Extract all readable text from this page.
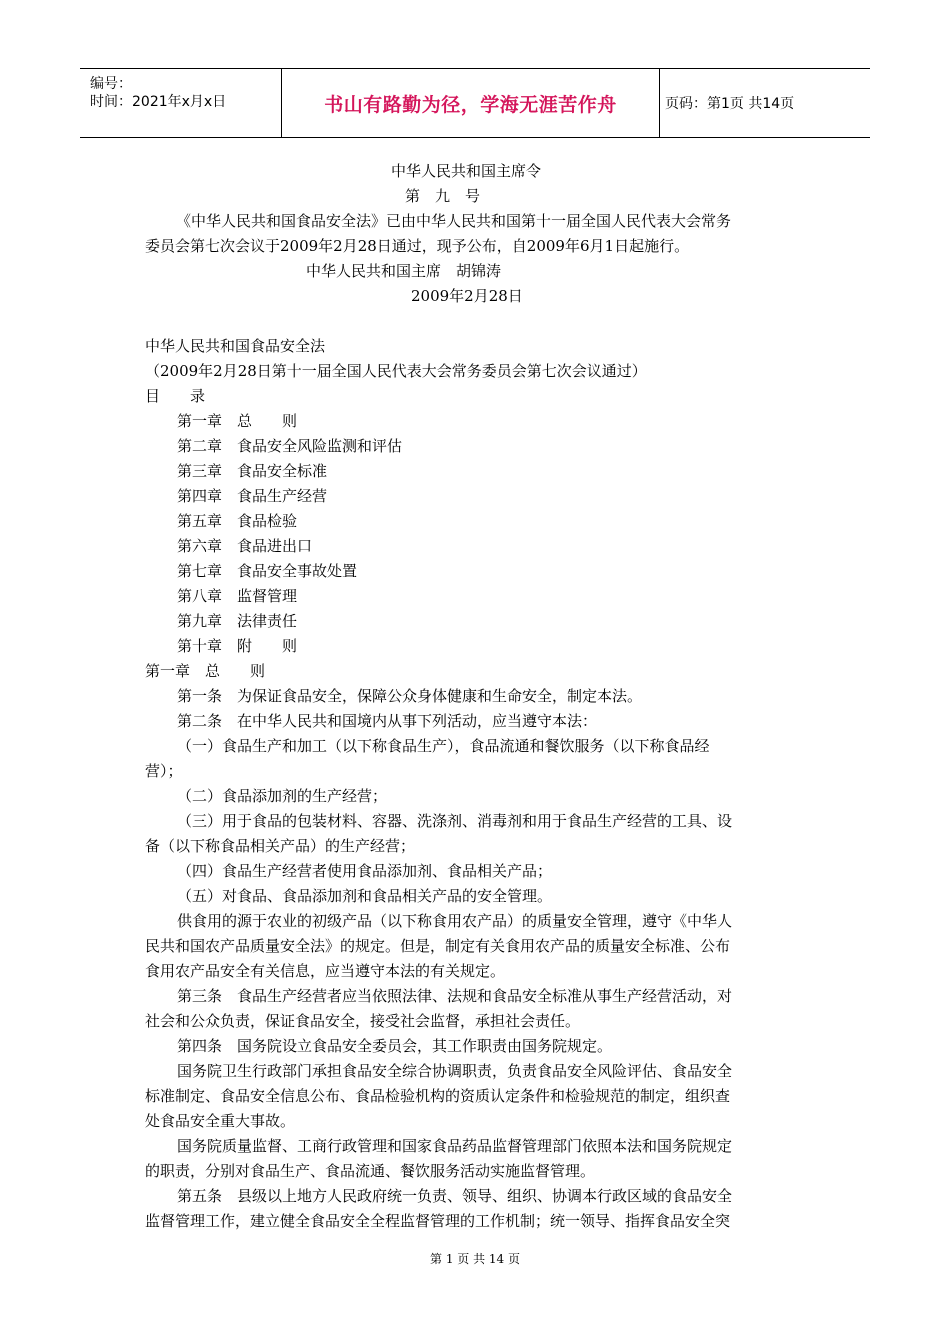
编号：
时间：2021年x月x日	书山有路勤为径，学海无涯苦作舟	页码：第1页 共14页
中华人民共和国主席令
第　九　号
《中华人民共和国食品安全法》已由中华人民共和国第十一届全国人民代表大会常务
委员会第七次会议于2009年2月28日通过，现予公布，自2009年6月1日起施行。
中华人民共和国主席　胡锦涛
2009年2月28日
中华人民共和国食品安全法
（2009年2月28日第十一届全国人民代表大会常务委员会第七次会议通过）
目　　录
第一章　总　　则
第二章　食品安全风险监测和评估
第三章　食品安全标准
第四章　食品生产经营
第五章　食品检验
第六章　食品进出口
第七章　食品安全事故处置
第八章　监督管理
第九章　法律责任
第十章　附　　则
第一章　总　　则
第一条　为保证食品安全，保障公众身体健康和生命安全，制定本法。
第二条　在中华人民共和国境内从事下列活动，应当遵守本法：
（一）食品生产和加工（以下称食品生产），食品流通和餐饮服务（以下称食品经
营）；
（二）食品添加剂的生产经营；
（三）用于食品的包装材料、容器、洗涤剂、消毒剂和用于食品生产经营的工具、设
备（以下称食品相关产品）的生产经营；
（四）食品生产经营者使用食品添加剂、食品相关产品；
（五）对食品、食品添加剂和食品相关产品的安全管理。
供食用的源于农业的初级产品（以下称食用农产品）的质量安全管理，遵守《中华人
民共和国农产品质量安全法》的规定。但是，制定有关食用农产品的质量安全标准、公布
食用农产品安全有关信息，应当遵守本法的有关规定。
第三条　食品生产经营者应当依照法律、法规和食品安全标准从事生产经营活动，对
社会和公众负责，保证食品安全，接受社会监督，承担社会责任。
第四条　国务院设立食品安全委员会，其工作职责由国务院规定。
国务院卫生行政部门承担食品安全综合协调职责，负责食品安全风险评估、食品安全
标准制定、食品安全信息公布、食品检验机构的资质认定条件和检验规范的制定，组织查
处食品安全重大事故。
国务院质量监督、工商行政管理和国家食品药品监督管理部门依照本法和国务院规定
的职责，分别对食品生产、食品流通、餐饮服务活动实施监督管理。
第五条　县级以上地方人民政府统一负责、领导、组织、协调本行政区域的食品安全
监督管理工作，建立健全食品安全全程监督管理的工作机制；统一领导、指挥食品安全突
第 1 页 共 14 页
